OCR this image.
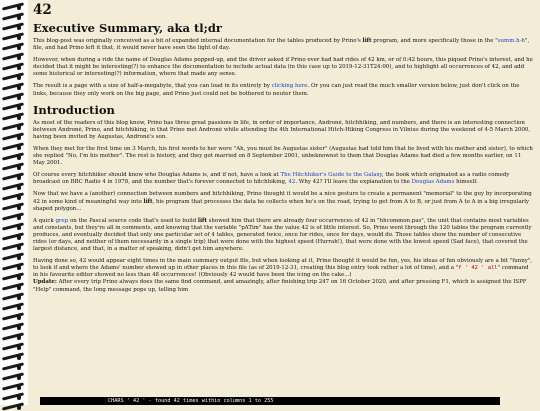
42
Executive Summary, aka tl;dr

This blog-post was originally conceived as a bit of expanded internal documentation for the tables produced by Prino's lift program, and more specifically those in the "summ.h-h", file, and had Prino left it that, it would never have seen the light of day.

However, when during a ride the name of Douglas Adams popped-up, and the driver asked if Prino ever had had rides of 42 km, or of 0:42 hours, this piqued Prino's interest, and he decided that it might be interesting(?) to enhance the documentation to include actual data (in this case up to 2019-12-31T24:00), and to highlight all occurrences of 42, and add some historical or interesting(?) information, where that made any sense.

The result is a page with a size of half-a-megabyte, that you can load in its entirety by clicking here. Or you can just read the much smaller version below, just don't click on the links, because they only work on the big page, and Prino just could not be bothered to neuter them.

Introduction

As most of the readers of this blog know, Prino has three great passions in life, in order of importance, Andronė, hitchhiking, and numbers, and there is an interesting connection between Andronė, Prino, and hitchhiking, in that Prino met Andronė while attending the 4th International Hitch-Hiking Congress in Vilnius during the weekend of 4-5 March 2000, having been invited by Augustas, Andronė's son.

When they met for the first time on 3 March, his first words to her were "Ah, you must be Augustas sister" (Augustas had told him that he lived with his mother and sister), to which she replied "No, I'm his mother". The rest is history, and they got married on 8 September 2001, unbeknownst to them that Douglas Adams had died a few months earlier, on 11 May 2001.

Of course every hitchhiker should know who Douglas Adams is, and if not, have a look at The Hitchhiker's Guide to the Galaxy, the book which originated as a radio comedy broadcast on BBC Radio 4 in 1978, and the number that's forever connected to hitchhiking, 42. Why 42? I'll leave the explanation to the Douglas Adams himself.

Now that we have a (another) connection between numbers and hitchhiking, Prino thought it would be a nice gesture to create a permanent "memorial" to the guy by incorporating 42 in some kind of meaningful way into lift, his program that processes the data he collects when he's on the road, trying to get from A to B, or just from A to A in a big irregularly shaped polygon...

A quick grep on the Pascal source code that's used to build lift showed him that there are already four occurrences of 42 in "hhcommon.pas", the unit that contains most variables and constants, but they're all in comments, and knowing that the variable "pATim" has the value 42 is of little interest. So, Prino went through the 120 tables the program currently produces, and eventually decided that only one particular set of 4 tables, generated twice, once for rides, once for days, would do. Those tables show the number of consecutive rides (or days, and neither of them necessarily in a single trip) that were done with the highest speed (Hurrah!), that were done with the lowest speed (Sad face), that covered the largest distance, and that, in a matter of speaking, didn't get him anywhere.

Having done so, 42 would appear eight times in the main summary output file, but when looking at it, Prino thought it would be fun, yes, his ideas of fun obviously are a bit "funny", to look if and where the Adams' number showed up in other places in this file (as of 2019-12-31, creating this blog entry took rather a lot of time), and a "f ' 42 ' all" command in his favourite editor showed no less than 48 occurrences! (Obviously 42 would have been the icing on the cake...)
Update: After every trip Prino always does the same find command, and amazingly, after finishing trip 247 on 16 October 2020, and after pressing F1, which is assigned the ISPF "Help" command, the long message pops up, telling him

CHARS ' 42 ' - found 42 times within columns 1 to 255
